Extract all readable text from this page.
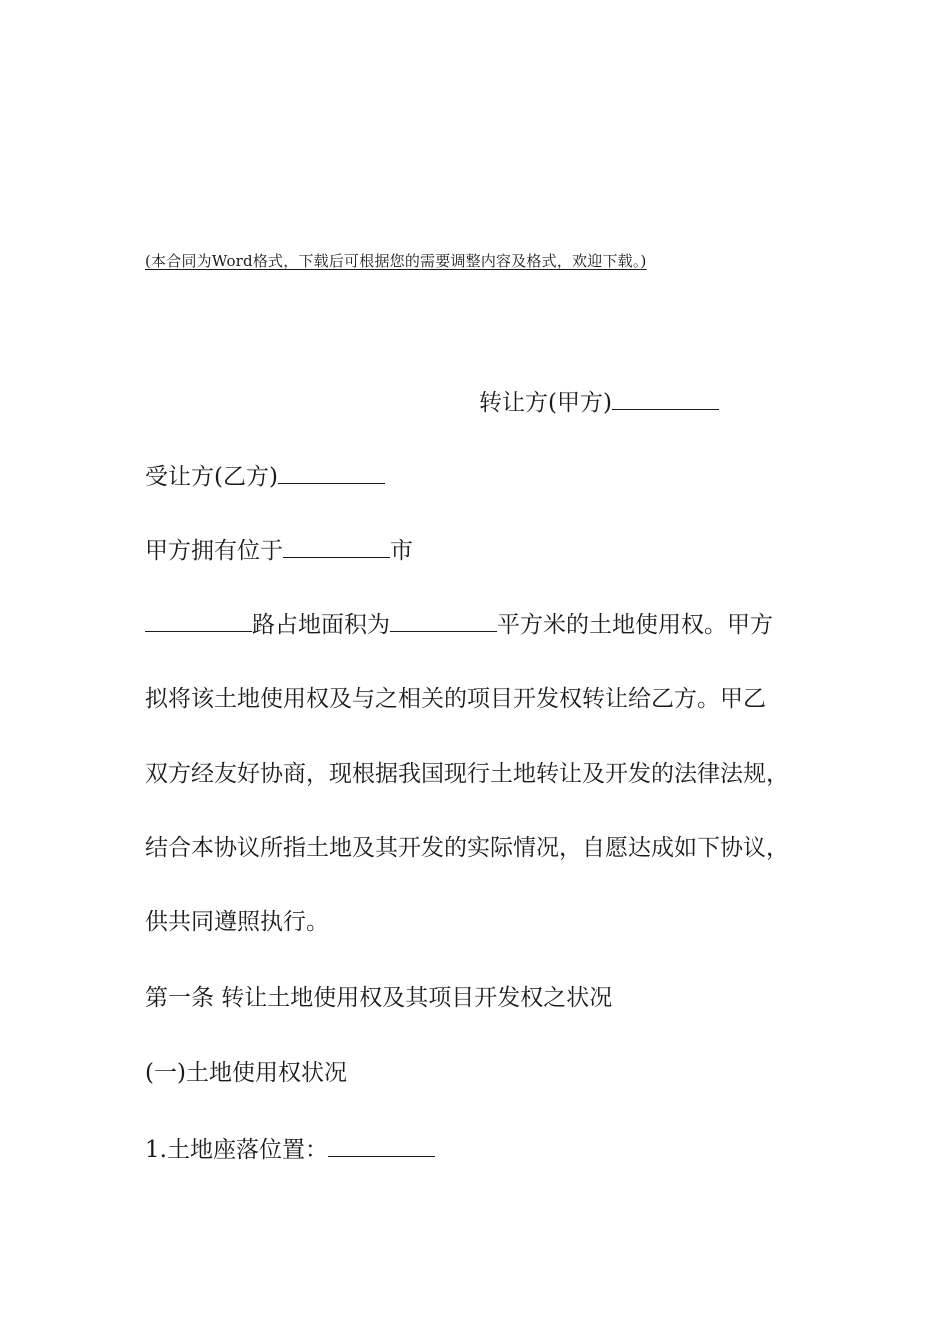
(本合同为Word格式，下载后可根据您的需要调整内容及格式，欢迎下载。)
转让方(甲方)
受让方(乙方)
甲方拥有位于	市
路占地面积为	平方米的土地使用权。甲方
拟将该土地使用权及与之相关的项目开发权转让给乙方。甲乙
双方经友好协商，现根据我国现行土地转让及开发的法律法规，
结合本协议所指土地及其开发的实际情况，自愿达成如下协议，
供共同遵照执行。
第一条 转让土地使用权及其项目开发权之状况
(一)土地使用权状况
1.土地座落位置：
